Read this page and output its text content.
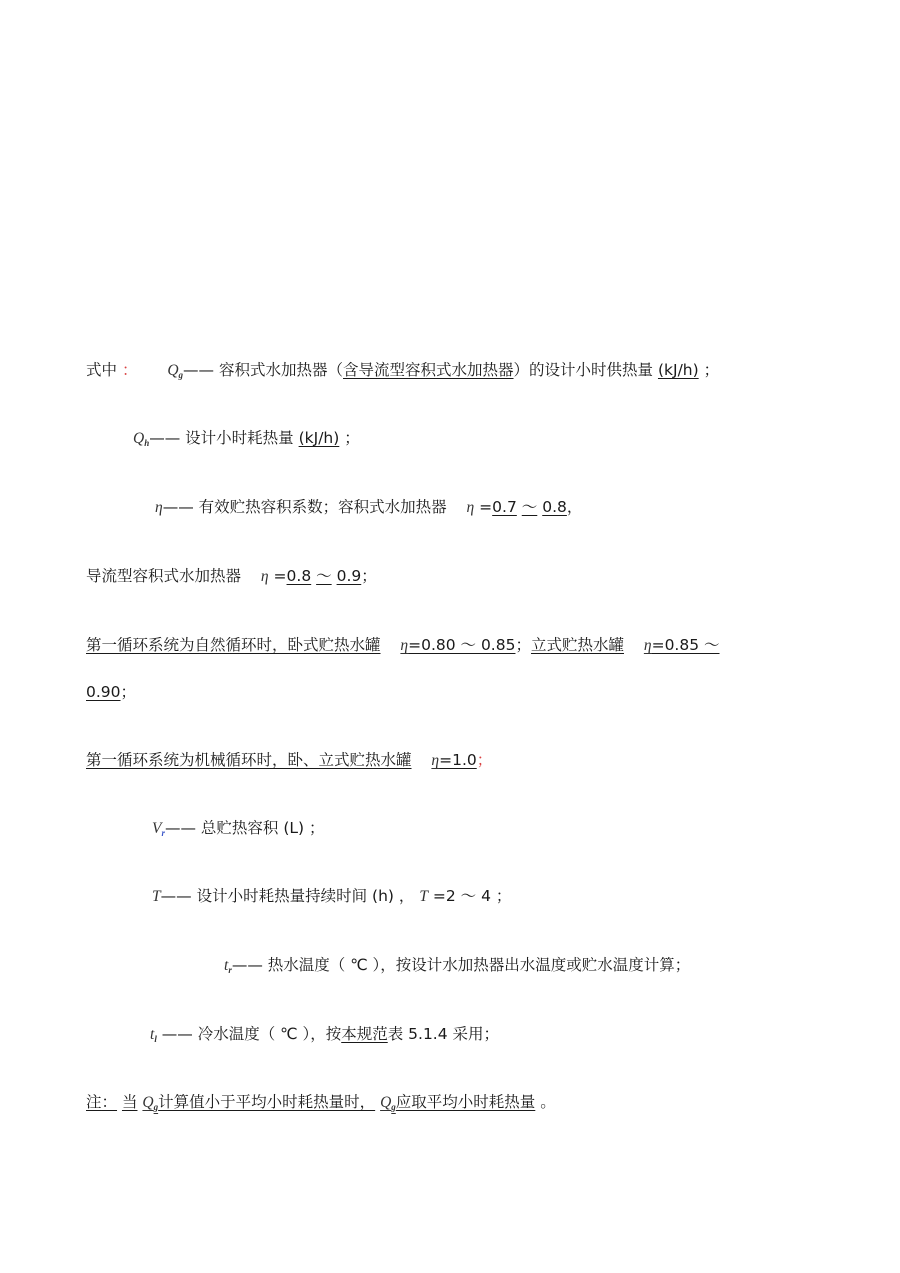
式中 ： $Q_g——$ 容积式水加热器（含导流型容积式水加热器）的设计小时供热量 (kJ/h) ；
$Q_h——$ 设计小时耗热量 (kJ/h) ；
η—— 有效贮热容积系数；容积式水加热器 η =0.7 ～ 0.8，
导流型容积式水加热器 η =0.8 ～ 0.9；
第一循环系统为自然循环时，卧式贮热水罐 η=0.80 ～ 0.85；立式贮热水罐 η=0.85 ～
0.90；
第一循环系统为机械循环时，卧、立式贮热水罐 η=1.0；
$V_r——$ 总贮热容积 (L) ；
T—— 设计小时耗热量持续时间 (h) ， T =2 ～ 4 ；
$t_r——$ 热水温度（ ℃ ），按设计水加热器出水温度或贮水温度计算；
$t_l$ —— 冷水温度（ ℃ ），按本规范表 5.1.4 采用；
注： 当 $Q_g$计算值小于平均小时耗热量时， $Q_g$应取平均小时耗热量 。
